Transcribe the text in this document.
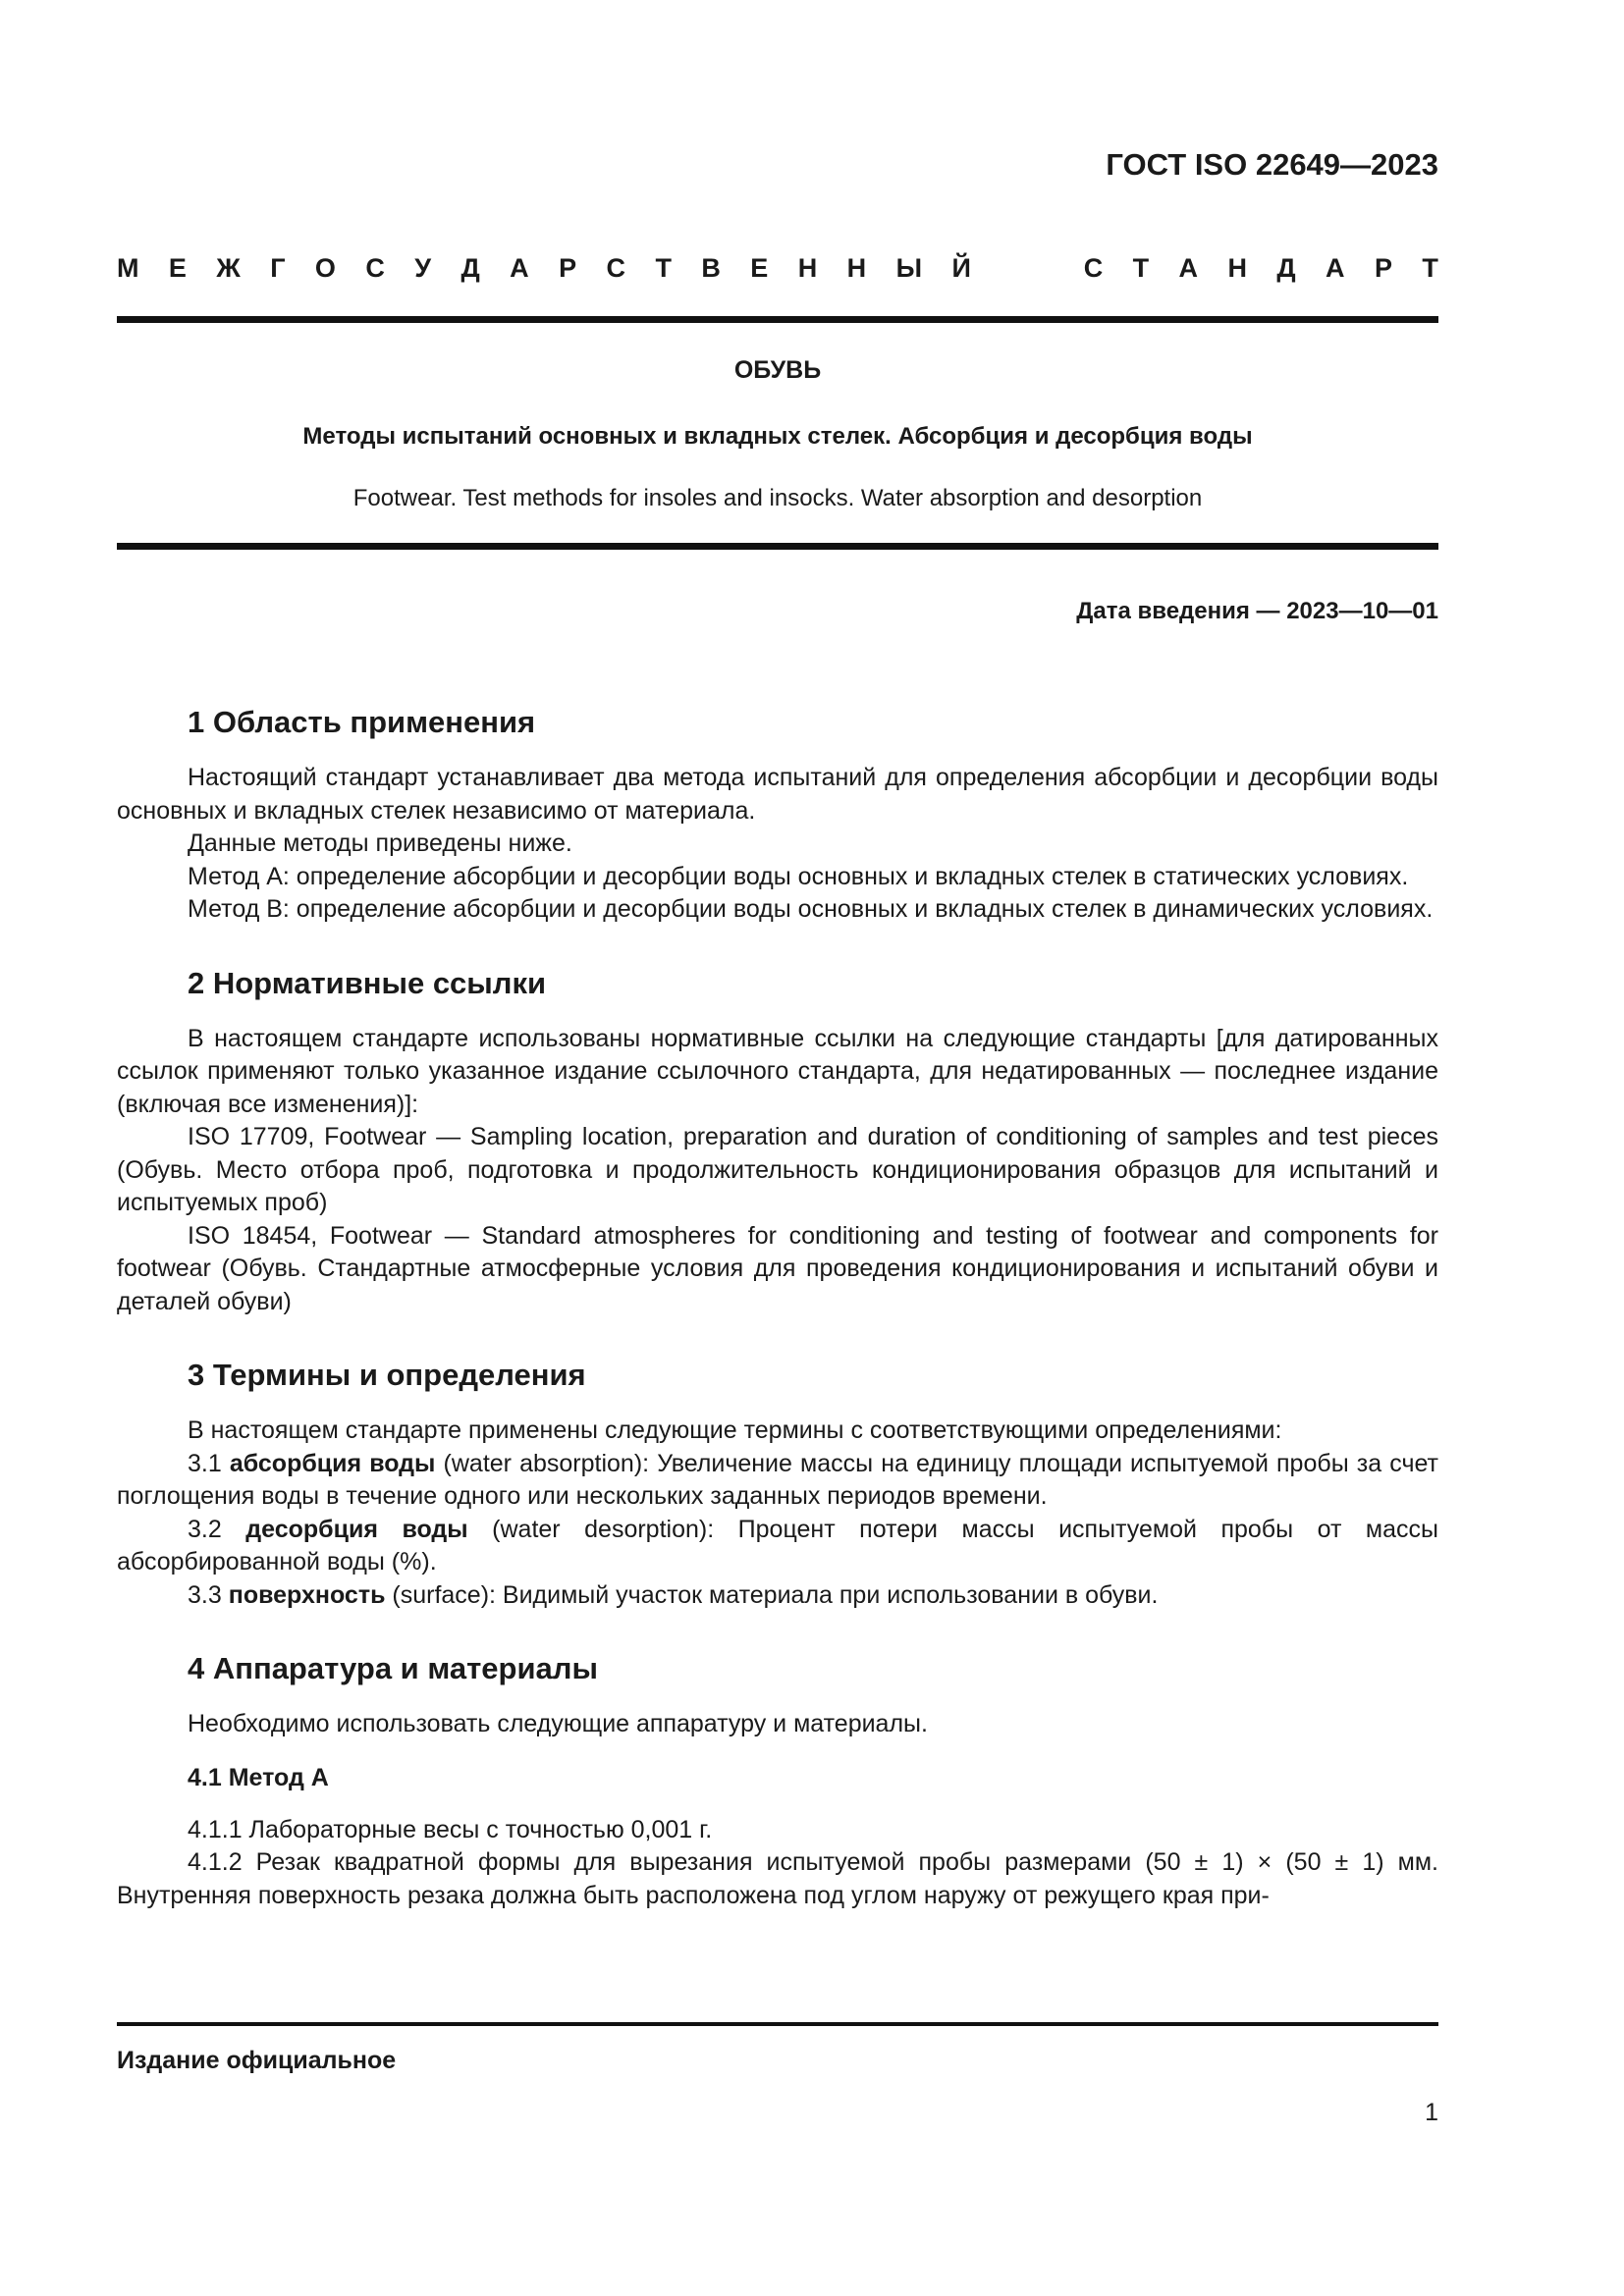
ГОСТ ISO 22649—2023
М Е Ж Г О С У Д А Р С Т В Е Н Н Ы Й	С Т А Н Д А Р Т
ОБУВЬ
Методы испытаний основных и вкладных стелек. Абсорбция и десорбция воды
Footwear. Test methods for insoles and insocks. Water absorption and desorption
Дата введения — 2023—10—01
1 Область применения

Настоящий стандарт устанавливает два метода испытаний для определения абсорбции и десорбции воды основных и вкладных стелек независимо от материала.

Данные методы приведены ниже.

Метод А: определение абсорбции и десорбции воды основных и вкладных стелек в статических условиях.

Метод В: определение абсорбции и десорбции воды основных и вкладных стелек в динамических условиях.

2 Нормативные ссылки

В настоящем стандарте использованы нормативные ссылки на следующие стандарты [для датированных ссылок применяют только указанное издание ссылочного стандарта, для недатированных — последнее издание (включая все изменения)]:

ISO 17709, Footwear — Sampling location, preparation and duration of conditioning of samples and test pieces (Обувь. Место отбора проб, подготовка и продолжительность кондиционирования образцов для испытаний и испытуемых проб)

ISO 18454, Footwear — Standard atmospheres for conditioning and testing of footwear and components for footwear (Обувь. Стандартные атмосферные условия для проведения кондиционирования и испытаний обуви и деталей обуви)

3 Термины и определения

В настоящем стандарте применены следующие термины с соответствующими определениями:

3.1 абсорбция воды (water absorption): Увеличение массы на единицу площади испытуемой пробы за счет поглощения воды в течение одного или нескольких заданных периодов времени.

3.2 десорбция воды (water desorption): Процент потери массы испытуемой пробы от массы абсорбированной воды (%).

3.3 поверхность (surface): Видимый участок материала при использовании в обуви.

4 Аппаратура и материалы

Необходимо использовать следующие аппаратуру и материалы.

4.1 Метод А

4.1.1 Лабораторные весы с точностью 0,001 г.

4.1.2 Резак квадратной формы для вырезания испытуемой пробы размерами (50 ± 1) × (50 ± 1) мм. Внутренняя поверхность резака должна быть расположена под углом наружу от режущего края при-

Издание официальное
1
